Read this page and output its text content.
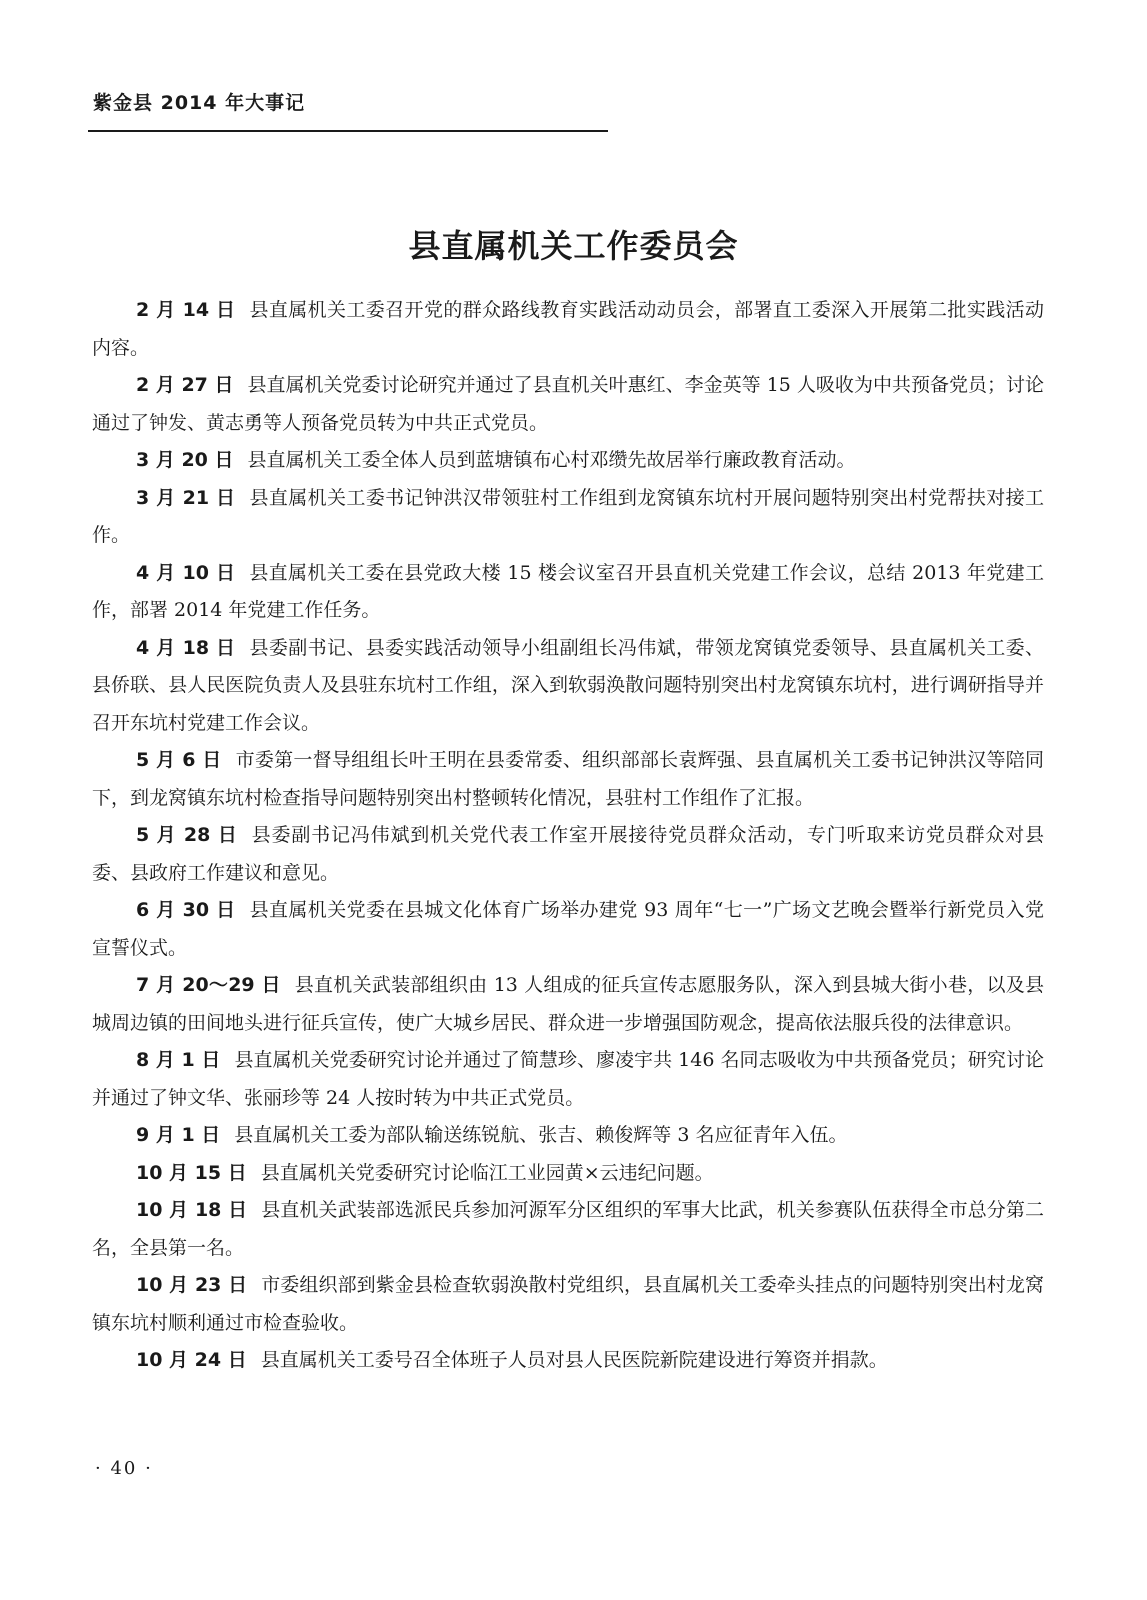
紫金县 2014 年大事记
县直属机关工作委员会

2 月 14 日 县直属机关工委召开党的群众路线教育实践活动动员会，部署直工委深入开展第二批实践活动内容。

2 月 27 日 县直属机关党委讨论研究并通过了县直机关叶惠红、李金英等 15 人吸收为中共预备党员；讨论通过了钟发、黄志勇等人预备党员转为中共正式党员。

3 月 20 日 县直属机关工委全体人员到蓝塘镇布心村邓缵先故居举行廉政教育活动。

3 月 21 日 县直属机关工委书记钟洪汉带领驻村工作组到龙窝镇东坑村开展问题特别突出村党帮扶对接工作。

4 月 10 日 县直属机关工委在县党政大楼 15 楼会议室召开县直机关党建工作会议，总结 2013 年党建工作，部署 2014 年党建工作任务。

4 月 18 日 县委副书记、县委实践活动领导小组副组长冯伟斌，带领龙窝镇党委领导、县直属机关工委、县侨联、县人民医院负责人及县驻东坑村工作组，深入到软弱涣散问题特别突出村龙窝镇东坑村，进行调研指导并召开东坑村党建工作会议。

5 月 6 日 市委第一督导组组长叶王明在县委常委、组织部部长袁辉强、县直属机关工委书记钟洪汉等陪同下，到龙窝镇东坑村检查指导问题特别突出村整顿转化情况，县驻村工作组作了汇报。

5 月 28 日 县委副书记冯伟斌到机关党代表工作室开展接待党员群众活动，专门听取来访党员群众对县委、县政府工作建议和意见。

6 月 30 日 县直属机关党委在县城文化体育广场举办建党 93 周年“七一”广场文艺晚会暨举行新党员入党宣誓仪式。

7 月 20～29 日 县直机关武装部组织由 13 人组成的征兵宣传志愿服务队，深入到县城大街小巷，以及县城周边镇的田间地头进行征兵宣传，使广大城乡居民、群众进一步增强国防观念，提高依法服兵役的法律意识。

8 月 1 日 县直属机关党委研究讨论并通过了简慧珍、廖凌宇共 146 名同志吸收为中共预备党员；研究讨论并通过了钟文华、张丽珍等 24 人按时转为中共正式党员。

9 月 1 日 县直属机关工委为部队输送练锐航、张吉、赖俊辉等 3 名应征青年入伍。

10 月 15 日 县直属机关党委研究讨论临江工业园黄×云违纪问题。

10 月 18 日 县直机关武装部选派民兵参加河源军分区组织的军事大比武，机关参赛队伍获得全市总分第二名，全县第一名。

10 月 23 日 市委组织部到紫金县检查软弱涣散村党组织，县直属机关工委牵头挂点的问题特别突出村龙窝镇东坑村顺利通过市检查验收。

10 月 24 日 县直属机关工委号召全体班子人员对县人民医院新院建设进行筹资并捐款。

· 40 ·
